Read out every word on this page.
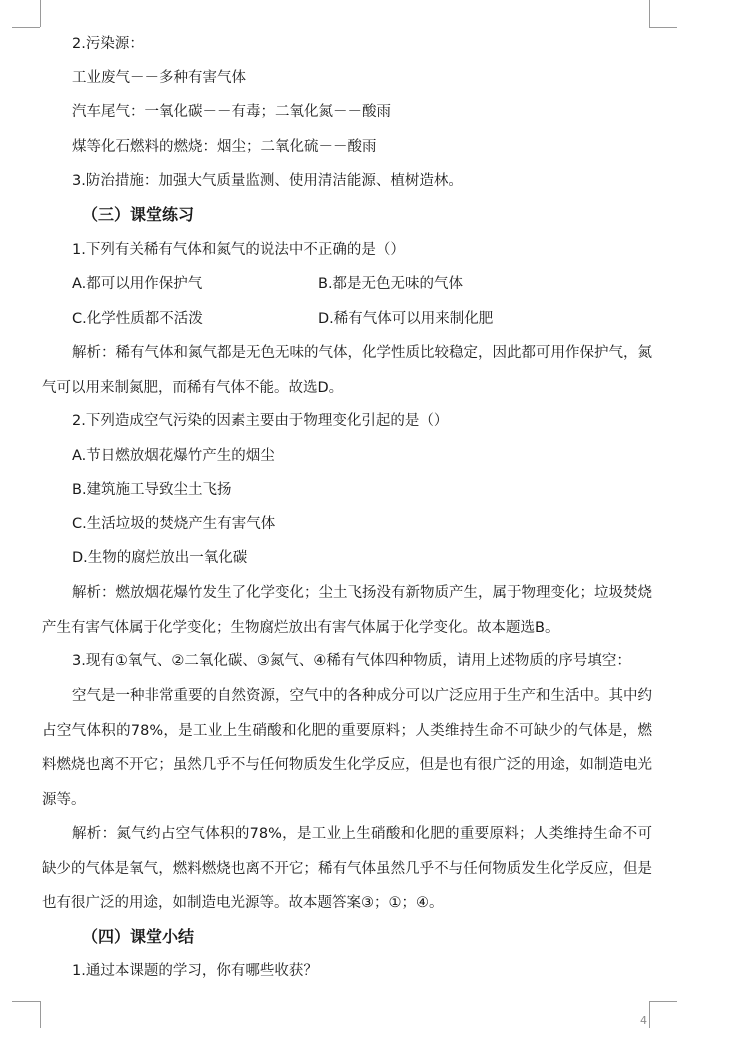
2.污染源：
工业废气－－多种有害气体
汽车尾气：一氧化碳－－有毒；二氧化氮－－酸雨
煤等化石燃料的燃烧：烟尘；二氧化硫－－酸雨
3.防治措施：加强大气质量监测、使用清洁能源、植树造林。
（三）课堂练习
1.下列有关稀有气体和氮气的说法中不正确的是（）
A.都可以用作保护气	B.都是无色无味的气体
C.化学性质都不活泼	D.稀有气体可以用来制化肥
解析：稀有气体和氮气都是无色无味的气体，化学性质比较稳定，因此都可用作保护气，氮气可以用来制氮肥，而稀有气体不能。故选D。
2.下列造成空气污染的因素主要由于物理变化引起的是（）
A.节日燃放烟花爆竹产生的烟尘
B.建筑施工导致尘土飞扬
C.生活垃圾的焚烧产生有害气体
D.生物的腐烂放出一氧化碳
解析：燃放烟花爆竹发生了化学变化；尘土飞扬没有新物质产生，属于物理变化；垃圾焚烧产生有害气体属于化学变化；生物腐烂放出有害气体属于化学变化。故本题选B。
3.现有①氧气、②二氧化碳、③氮气、④稀有气体四种物质，请用上述物质的序号填空：
空气是一种非常重要的自然资源，空气中的各种成分可以广泛应用于生产和生活中。其中约占空气体积的78%，是工业上生硝酸和化肥的重要原料；人类维持生命不可缺少的气体是，燃料燃烧也离不开它；虽然几乎不与任何物质发生化学反应，但是也有很广泛的用途，如制造电光源等。
解析：氮气约占空气体积的78%，是工业上生硝酸和化肥的重要原料；人类维持生命不可缺少的气体是氧气，燃料燃烧也离不开它；稀有气体虽然几乎不与任何物质发生化学反应，但是也有很广泛的用途，如制造电光源等。故本题答案③；①；④。
（四）课堂小结
1.通过本课题的学习，你有哪些收获？
4
